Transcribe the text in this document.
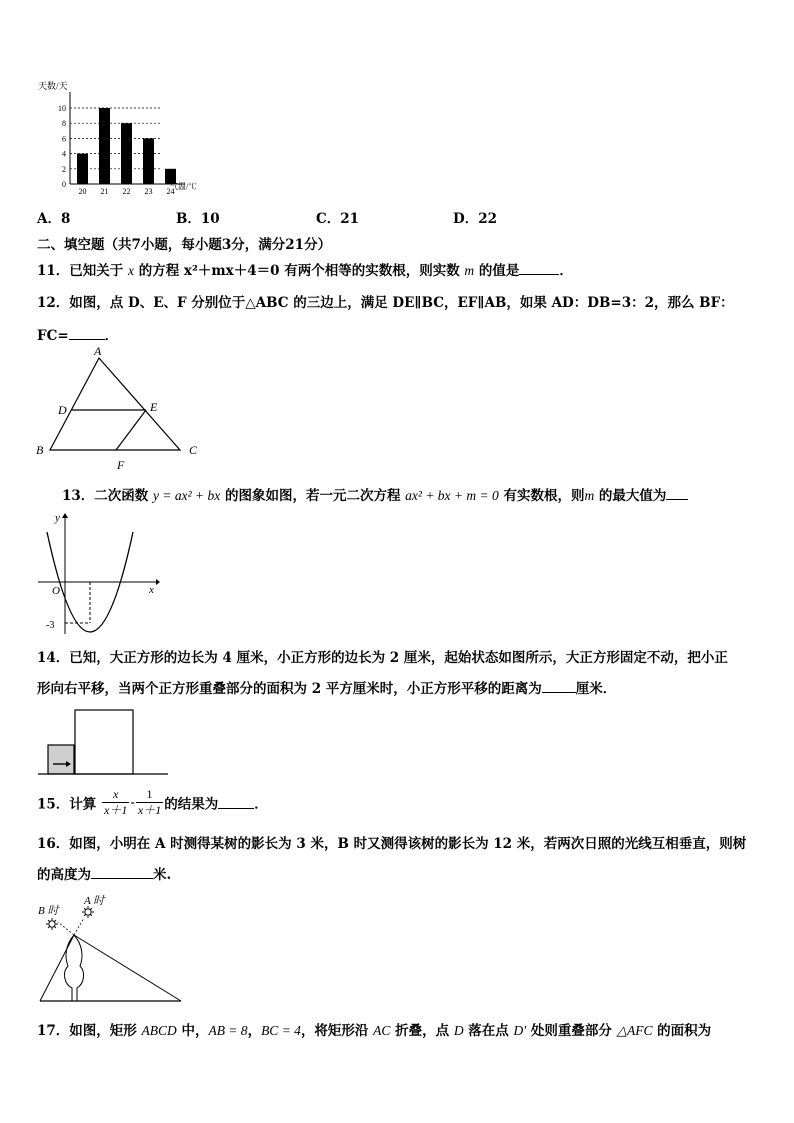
天数/天
0
2
4
6
8
10
20 21 22 23 24
气温/℃
A．8	B．10	C．21	D．22
二、填空题（共7小题，每小题3分，满分21分）
11．已知关于 x 的方程 x²＋mx＋4＝0 有两个相等的实数根，则实数 m 的值是	．
12．如图，点 D、E、F 分别位于△ABC 的三边上，满足 DE∥BC，EF∥AB，如果 AD：DB=3：2，那么 BF：
FC=	．
A
D	E
B	C
F
13．二次函数 y = ax² + bx 的图象如图，若一元二次方程 ax² + bx + m = 0 有实数根，则m 的最大值为
y
x
O
-3
14．已知，大正方形的边长为 4 厘米，小正方形的边长为 2 厘米，起始状态如图所示，大正方形固定不动，把小正
形向右平移，当两个正方形重叠部分的面积为 2 平方厘米时，小正方形平移的距离为	厘米．
15．计算 $\frac{x}{x+1} - \frac{1}{x+1}$ 的结果为	．
16．如图，小明在 A 时测得某树的影长为 3 米，B 时又测得该树的影长为 12 米，若两次日照的光线互相垂直，则树
的高度为	米.
B 时
A 时
17．如图，矩形 ABCD 中，AB = 8，BC = 4，将矩形沿 AC 折叠，点 D 落在点 D′ 处则重叠部分 △AFC 的面积为
